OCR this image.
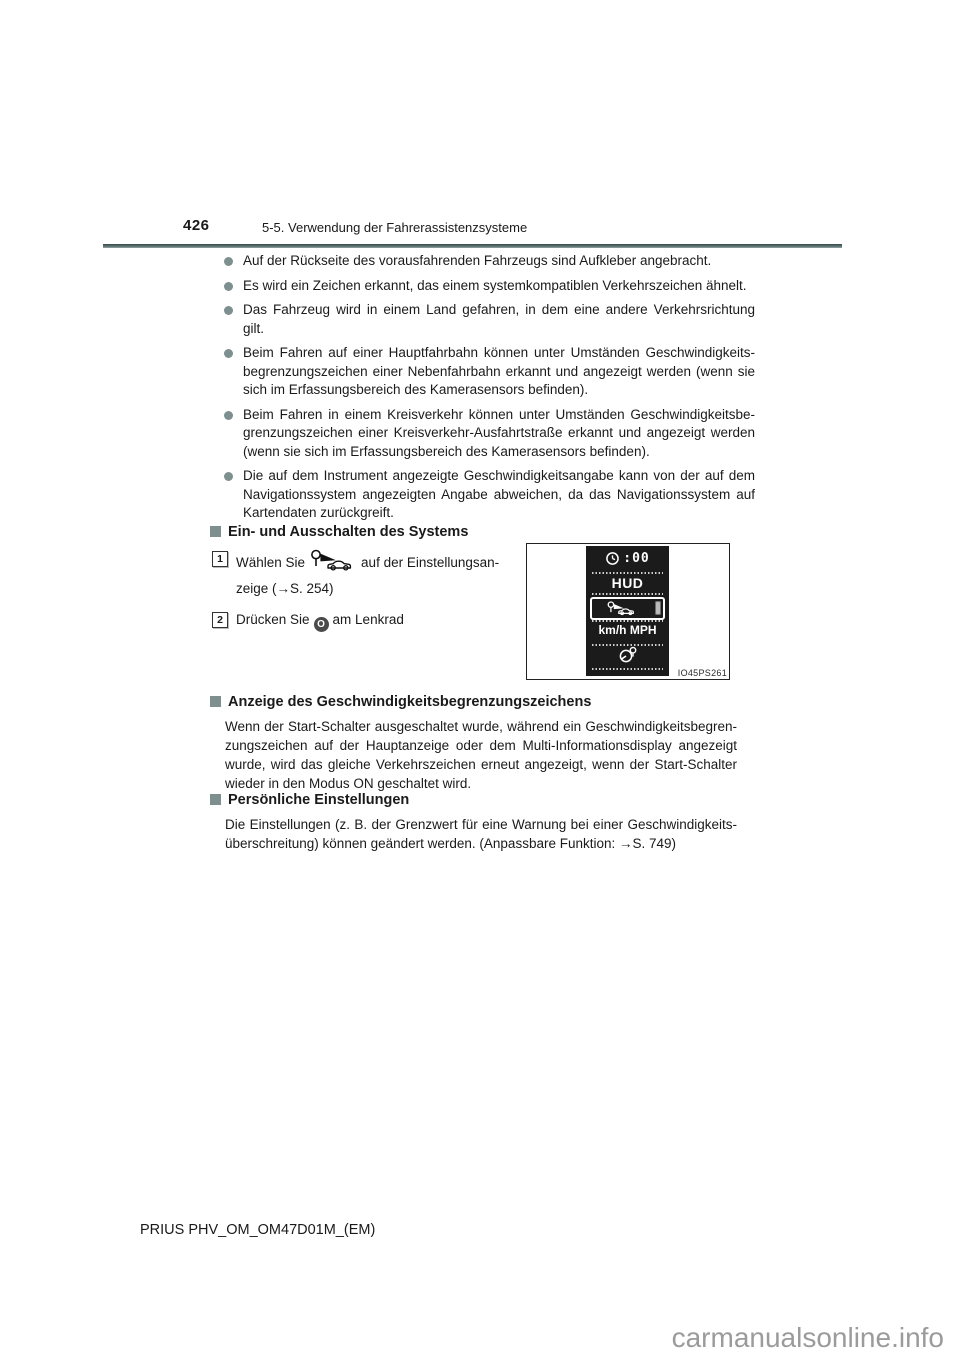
426	5-5. Verwendung der Fahrerassistenzsysteme
Auf der Rückseite des vorausfahrenden Fahrzeugs sind Aufkleber angebracht.
Es wird ein Zeichen erkannt, das einem systemkompatiblen Verkehrszeichen ähnelt.
Das Fahrzeug wird in einem Land gefahren, in dem eine andere Verkehrsrichtung
gilt.
Beim Fahren auf einer Hauptfahrbahn können unter Umständen Geschwindigkeits-
begrenzungszeichen einer Nebenfahrbahn erkannt und angezeigt werden (wenn sie
sich im Erfassungsbereich des Kamerasensors befinden).
Beim Fahren in einem Kreisverkehr können unter Umständen Geschwindigkeitsbe-
grenzungszeichen einer Kreisverkehr-Ausfahrtstraße erkannt und angezeigt werden
(wenn sie sich im Erfassungsbereich des Kamerasensors befinden).
Die auf dem Instrument angezeigte Geschwindigkeitsangabe kann von der auf dem
Navigationssystem angezeigten Angabe abweichen, da das Navigationssystem auf
Kartendaten zurückgreift.
Ein- und Ausschalten des Systems
1 Wählen Sie	auf der Einstellungsan-
zeige (→S. 254)
2 Drücken Sie O am Lenkrad
:00
HUD
km/h MPH
IO45PS261
Anzeige des Geschwindigkeitsbegrenzungszeichens
Wenn der Start-Schalter ausgeschaltet wurde, während ein Geschwindigkeitsbegren-
zungszeichen auf der Hauptanzeige oder dem Multi-Informationsdisplay angezeigt
wurde, wird das gleiche Verkehrszeichen erneut angezeigt, wenn der Start-Schalter
wieder in den Modus ON geschaltet wird.
Persönliche Einstellungen
Die Einstellungen (z. B. der Grenzwert für eine Warnung bei einer Geschwindigkeits-
überschreitung) können geändert werden. (Anpassbare Funktion: →S. 749)
PRIUS PHV_OM_OM47D01M_(EM)
carmanualsonline.info
